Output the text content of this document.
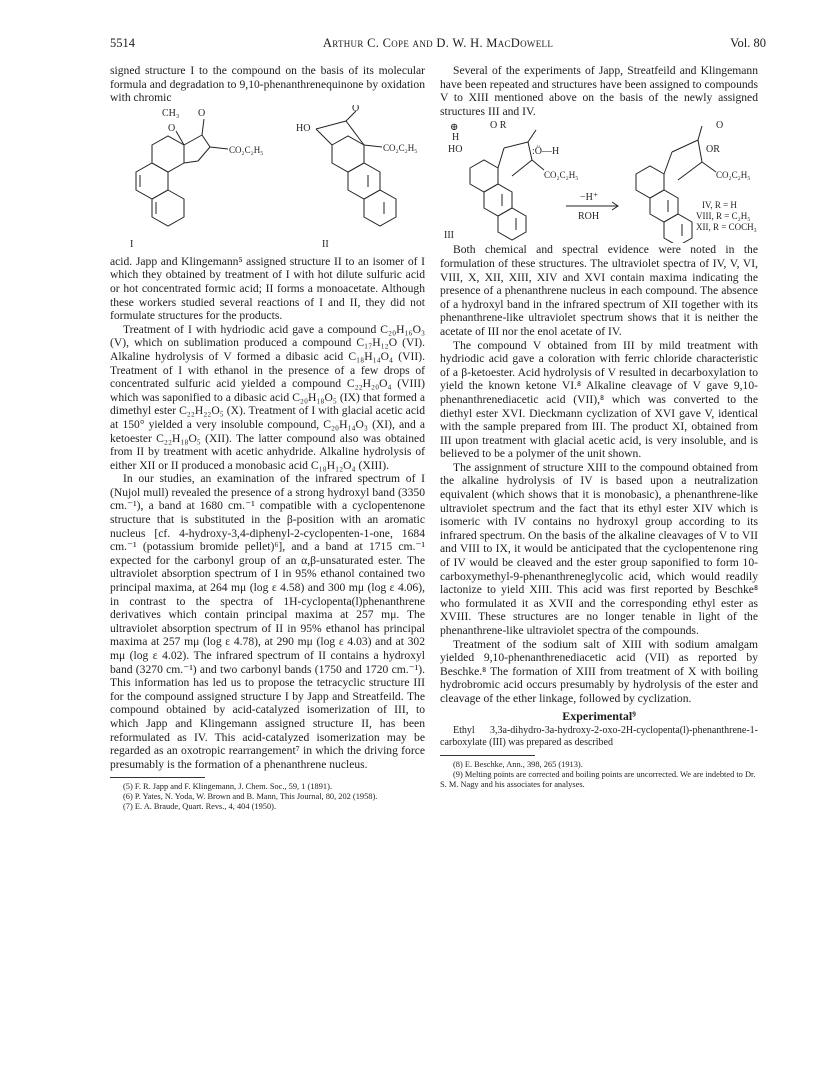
5514	Arthur C. Cope and D. W. H. MacDowell	Vol. 80

signed structure I to the compound on the basis of its molecular formula and degradation to 9,10-phenanthrenequinone by oxidation with chromic

CH₃ O	O
O	HO
CO₂C₂H₅	CO₂C₂H₅
I	II

acid. Japp and Klingemann⁵ assigned structure II to an isomer of I which they obtained by treatment of I with hot dilute sulfuric acid or hot concentrated formic acid; II forms a monoacetate. Although these workers studied several reactions of I and II, they did not formulate structures for the products.

Treatment of I with hydriodic acid gave a compound C₂₀H₁₆O₃ (V), which on sublimation produced a compound C₁₇H₁₂O (VI). Alkaline hydrolysis of V formed a dibasic acid C₁₈H₁₄O₄ (VII). Treatment of I with ethanol in the presence of a few drops of concentrated sulfuric acid yielded a compound C₂₂H₂₀O₄ (VIII) which was saponified to a dibasic acid C₂₀H₁₈O₅ (IX) that formed a dimethyl ester C₂₂H₂₂O₅ (X). Treatment of I with glacial acetic acid at 150° yielded a very insoluble compound, C₂₀H₁₄O₃ (XI), and a ketoester C₂₂H₁₈O₅ (XII). The latter compound also was obtained from II by treatment with acetic anhydride. Alkaline hydrolysis of either XII or II produced a monobasic acid C₁₈H₁₂O₄ (XIII).

In our studies, an examination of the infrared spectrum of I (Nujol mull) revealed the presence of a strong hydroxyl band (3350 cm.⁻¹), a band at 1680 cm.⁻¹ compatible with a cyclopentenone structure that is substituted in the β-position with an aromatic nucleus [cf. 4-hydroxy-3,4-diphenyl-2-cyclopenten-1-one, 1684 cm.⁻¹ (potassium bromide pellet)⁶], and a band at 1715 cm.⁻¹ expected for the carbonyl group of an α,β-unsaturated ester. The ultraviolet absorption spectrum of I in 95% ethanol contained two principal maxima, at 264 mμ (log ε 4.58) and 300 mμ (log ε 4.06), in contrast to the spectra of 1H-cyclopenta(l)phenanthrene derivatives which contain principal maxima at 257 mμ. The ultraviolet absorption spectrum of II in 95% ethanol has principal maxima at 257 mμ (log ε 4.78), at 290 mμ (log ε 4.03) and at 302 mμ (log ε 4.02). The infrared spectrum of II contains a hydroxyl band (3270 cm.⁻¹) and two carbonyl bands (1750 and 1720 cm.⁻¹). This information has led us to propose the tetracyclic structure III for the compound assigned structure I by Japp and Streatfeild. The compound obtained by acid-catalyzed isomerization of III, to which Japp and Klingemann assigned structure II, has been reformulated as IV. This acid-catalyzed isomerization may be regarded as an oxotropic rearrangement⁷ in which the driving force presumably is the formation of a phenanthrene nucleus.

(5) F. R. Japp and F. Klingemann, J. Chem. Soc., 59, 1 (1891).

(6) P. Yates, N. Yoda, W. Brown and B. Mann, This Journal, 80, 202 (1958).

(7) E. A. Braude, Quart. Revs., 4, 404 (1950).

Several of the experiments of Japp, Streatfeild and Klingemann have been repeated and structures have been assigned to compounds V to XIII mentioned above on the basis of the newly assigned structures III and IV.

⊕	O R
H
HO	:Ö—H
O
OR
CO₂C₂H₅	CO₂C₂H₅
−H⁺
ROH
III
IV, R = H
VIII, R = C₂H₅
XII, R = COCH₃

Both chemical and spectral evidence were noted in the formulation of these structures. The ultraviolet spectra of IV, V, VI, VIII, X, XII, XIII, XIV and XVI contain maxima indicating the presence of a phenanthrene nucleus in each compound. The absence of a hydroxyl band in the infrared spectrum of XII together with its phenanthrene-like ultraviolet spectrum shows that it is neither the acetate of III nor the enol acetate of IV.

The compound V obtained from III by mild treatment with hydriodic acid gave a coloration with ferric chloride characteristic of a β-ketoester. Acid hydrolysis of V resulted in decarboxylation to yield the known ketone VI.⁸ Alkaline cleavage of V gave 9,10-phenanthrenediacetic acid (VII),⁸ which was converted to the diethyl ester XVI. Dieckmann cyclization of XVI gave V, identical with the sample prepared from III. The product XI, obtained from III upon treatment with glacial acetic acid, is very insoluble, and is believed to be a polymer of the unit shown.

The assignment of structure XIII to the compound obtained from the alkaline hydrolysis of IV is based upon a neutralization equivalent (which shows that it is monobasic), a phenanthrene-like ultraviolet spectrum and the fact that its ethyl ester XIV which is isomeric with IV contains no hydroxyl group according to its infrared spectrum. On the basis of the alkaline cleavages of V to VII and VIII to IX, it would be anticipated that the cyclopentenone ring of IV would be cleaved and the ester group saponified to form 10-carboxymethyl-9-phenanthreneglycolic acid, which would readily lactonize to yield XIII. This acid was first reported by Beschke⁸ who formulated it as XVII and the corresponding ethyl ester as XVIII. These structures are no longer tenable in light of the phenanthrene-like ultraviolet spectra of the compounds.

Treatment of the sodium salt of XIII with sodium amalgam yielded 9,10-phenanthrenediacetic acid (VII) as reported by Beschke.⁸ The formation of XIII from treatment of X with boiling hydrobromic acid occurs presumably by hydrolysis of the ester and cleavage of the ether linkage, followed by cyclization.

Experimental⁹

Ethyl 3,3a-dihydro-3a-hydroxy-2-oxo-2H-cyclopenta(l)-phenanthrene-1-carboxylate (III) was prepared as described

(8) E. Beschke, Ann., 398, 265 (1913).

(9) Melting points are corrected and boiling points are uncorrected. We are indebted to Dr. S. M. Nagy and his associates for analyses.
